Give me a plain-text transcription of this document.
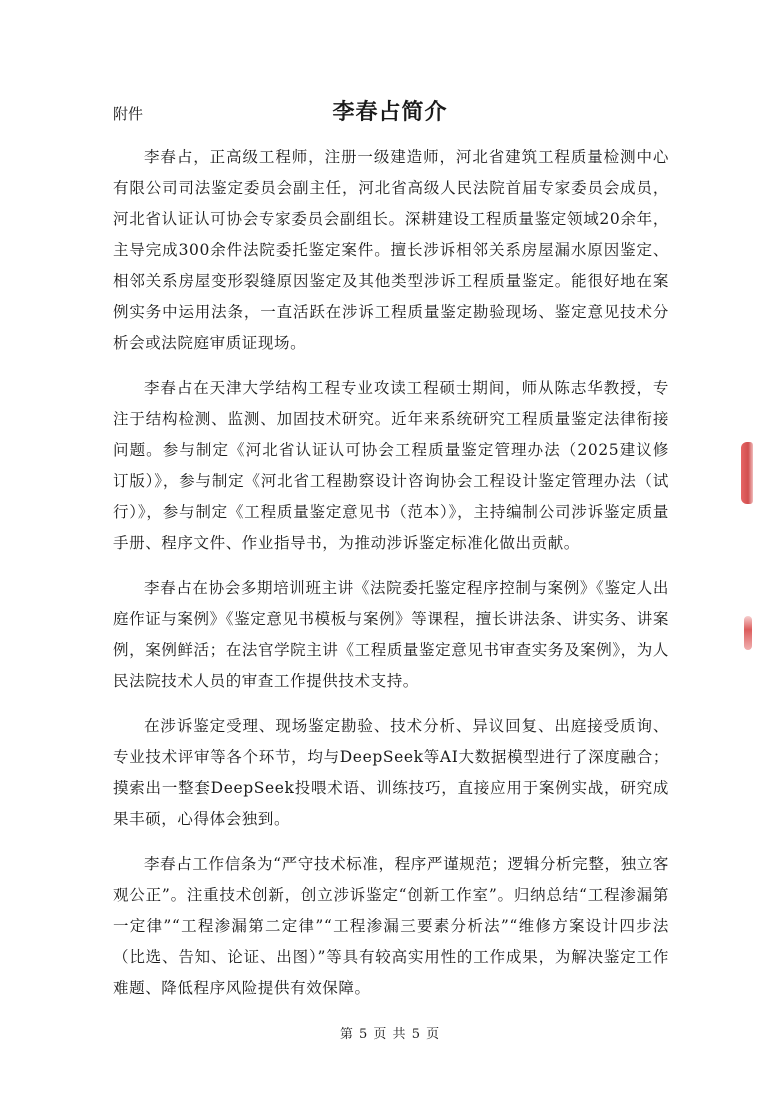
附件	李春占简介

李春占，正高级工程师，注册一级建造师，河北省建筑工程质量检测中心有限公司司法鉴定委员会副主任，河北省高级人民法院首届专家委员会成员，河北省认证认可协会专家委员会副组长。深耕建设工程质量鉴定领域20余年，主导完成300余件法院委托鉴定案件。擅长涉诉相邻关系房屋漏水原因鉴定、相邻关系房屋变形裂缝原因鉴定及其他类型涉诉工程质量鉴定。能很好地在案例实务中运用法条，一直活跃在涉诉工程质量鉴定勘验现场、鉴定意见技术分析会或法院庭审质证现场。

李春占在天津大学结构工程专业攻读工程硕士期间，师从陈志华教授，专注于结构检测、监测、加固技术研究。近年来系统研究工程质量鉴定法律衔接问题。参与制定《河北省认证认可协会工程质量鉴定管理办法（2025建议修订版）》，参与制定《河北省工程勘察设计咨询协会工程设计鉴定管理办法（试行）》，参与制定《工程质量鉴定意见书（范本）》，主持编制公司涉诉鉴定质量手册、程序文件、作业指导书，为推动涉诉鉴定标准化做出贡献。

李春占在协会多期培训班主讲《法院委托鉴定程序控制与案例》《鉴定人出庭作证与案例》《鉴定意见书模板与案例》等课程，擅长讲法条、讲实务、讲案例，案例鲜活；在法官学院主讲《工程质量鉴定意见书审查实务及案例》，为人民法院技术人员的审查工作提供技术支持。

在涉诉鉴定受理、现场鉴定勘验、技术分析、异议回复、出庭接受质询、专业技术评审等各个环节，均与DeepSeek等AI大数据模型进行了深度融合；摸索出一整套DeepSeek投喂术语、训练技巧，直接应用于案例实战，研究成果丰硕，心得体会独到。

李春占工作信条为“严守技术标准，程序严谨规范；逻辑分析完整，独立客观公正”。注重技术创新，创立涉诉鉴定“创新工作室”。归纳总结“工程渗漏第一定律”“工程渗漏第二定律”“工程渗漏三要素分析法”“维修方案设计四步法（比选、告知、论证、出图）”等具有较高实用性的工作成果，为解决鉴定工作难题、降低程序风险提供有效保障。

第 5 页 共 5 页
